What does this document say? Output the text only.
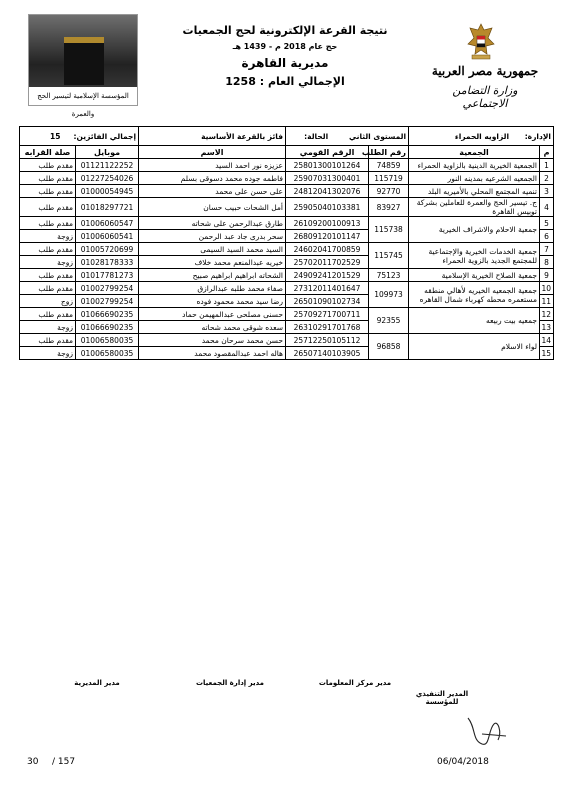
المؤسسة الإسلامية لتيسير الحج والعمرة
نتيجة القرعة الإلكترونية لحج الجمعيات
حج عام 2018 م - 1439 هـ
مديرية القاهرة
الإجمالي العام : 1258
جمهورية مصر العربية
وزارة التضامن الاجتماعي
الإدارة:      الزاويه الحمراء		المستوى الثاني        الحالة:		فائز بالقرعة الأساسية	إجمالي الفائزين:     15	
م	الجمعية	رقم الطلب	الرقم القومي	الاسم	موبايل	صلة القرابه
1	الجمعية الخيرية الدينية بالزاوية الحمراء	74859	25801300101264	عزيزه نور احمد السيد	01121122252	مقدم طلب
2	الجمعيه الشرعيه بمدينه النور	115719	25907031300401	فاطمه جوده محمد دسوقى بسلم	01227254026	مقدم طلب
3	تنميه المجتمع المحلي بالأميريه البلد	92770	24812041302076	على حسن على محمد	01000054945	مقدم طلب
4	ج. تيسير الحج والعمرة للعاملين بشركة توبيس القاهرة	83927	25905040103381	أمل الشحات حبيب حسان	01018297721	مقدم طلب
5	جمعية الاحلام والاشراف الخيرية	115738	26109200100913	طارق عبدالرحمن على شحاته	01006060547	مقدم طلب
6			26809120101147	سحر بدرى جاد عبد الرحمن	01006060541	زوجة
7	جمعية الخدمات الخيرية والإجتماعية للمجتمع الجديد بالزوية الحمراء	115745	24602041700859	السيد محمد السيد السيمى	01005720699	مقدم طلب
8			25702011702529	خيريه عبدالمنعم محمد خلاف	01028178333	زوجة
9	جمعية الصلاح الخيرية الإسلامية	75123	24909241201529	الشحاته ابراهيم ابراهيم صبيح	01017781273	مقدم طلب
10	جمعية الجمعيه الخيريه لأهالي منطقه مستعمره محطه كهرباء شمال القاهره	109973	27312011401647	صفاء محمد طلبه عبدالرازق	01002799254	مقدم طلب
11			26501090102734	رضا سيد محمد محمود فوده	01002799254	زوج
12	جمعيه بيت ربيعه	92355	25709271700711	حسنى مصلحى عبدالمهيمن حماد	01066690235	مقدم طلب
13			26310291701768	سعده شوقى محمد شحاته	01066690235	زوجة
14	لواء الاسلام	96858	25712250105112	حسن محمد سرحان محمد	01006580035	مقدم طلب
15			26507140103905	هاله احمد عبدالمقصود محمد	01006580035	زوجة
المدير التنفيذي للمؤسسة
مدير مركز المعلومات
مدير إدارة الجمعيات
مدير المديرية
30 / 157	06/04/2018
